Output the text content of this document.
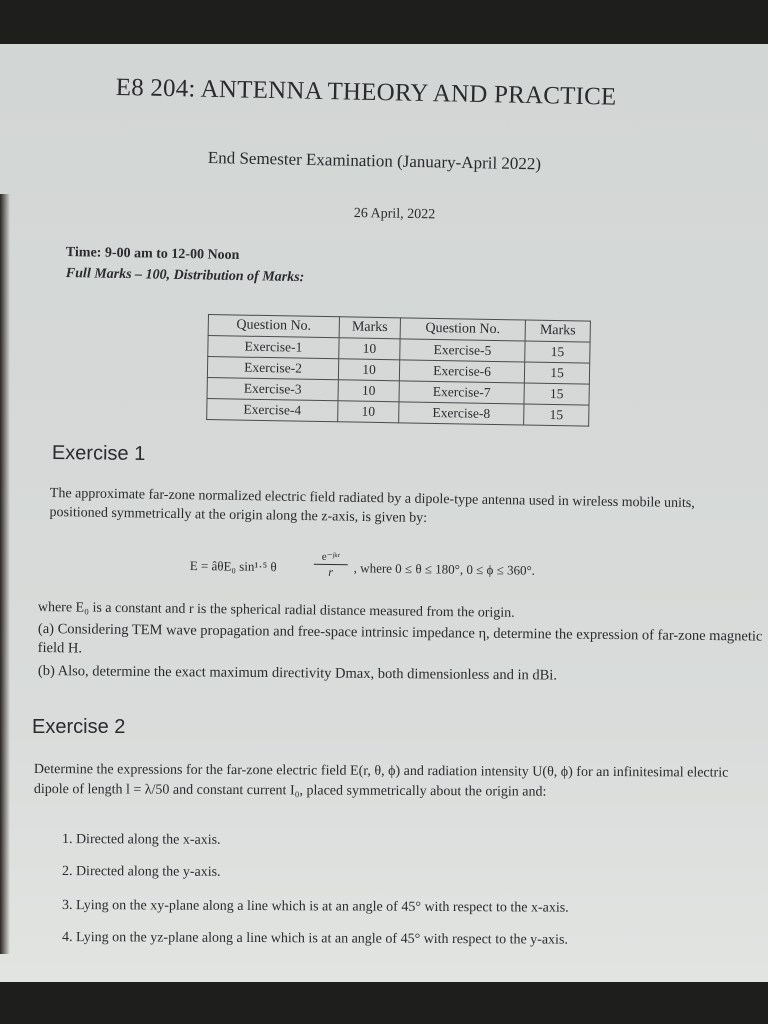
E8 204: ANTENNA THEORY AND PRACTICE
End Semester Examination (January-April 2022)
26 April, 2022
Time: 9-00 am to 12-00 Noon
Full Marks – 100, Distribution of Marks:
Question No.	Marks	Question No.	Marks
Exercise-1	10	Exercise-5	15
Exercise-2	10	Exercise-6	15
Exercise-3	10	Exercise-7	15
Exercise-4	10	Exercise-8	15
Exercise 1

The approximate far-zone normalized electric field radiated by a dipole-type antenna used in wireless mobile units, positioned symmetrically at the origin along the z-axis, is given by:

E = âθE₀ sin¹·⁵ θ
e⁻ʲᵏʳ
r	, where 0 ≤ θ ≤ 180°, 0 ≤ ϕ ≤ 360°.

where E₀ is a constant and r is the spherical radial distance measured from the origin.

(a) Considering TEM wave propagation and free-space intrinsic impedance η, determine the expression of far-zone magnetic field H.

(b) Also, determine the exact maximum directivity Dmax, both dimensionless and in dBi.

Exercise 2

Determine the expressions for the far-zone electric field E(r, θ, ϕ) and radiation intensity U(θ, ϕ) for an infinitesimal electric dipole of length l = λ/50 and constant current I₀, placed symmetrically about the origin and:

1. Directed along the x-axis.
2. Directed along the y-axis.
3. Lying on the xy-plane along a line which is at an angle of 45° with respect to the x-axis.
4. Lying on the yz-plane along a line which is at an angle of 45° with respect to the y-axis.
